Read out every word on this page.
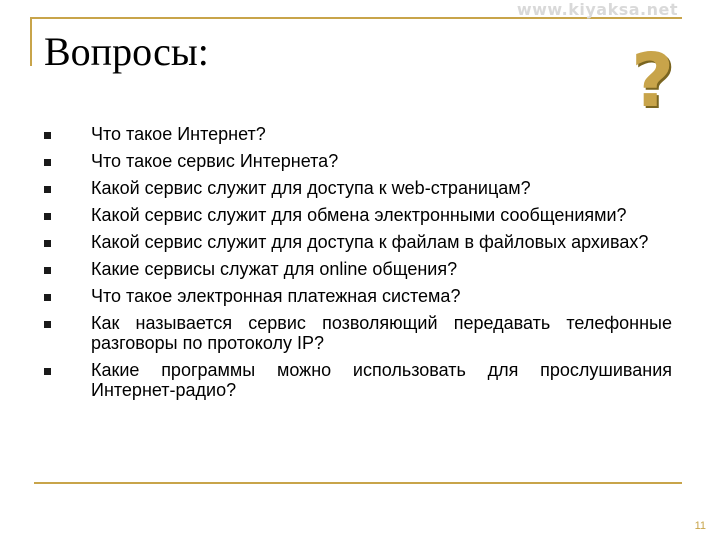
www.kiyaksa.net
Вопросы:	?
Что такое Интернет?
Что такое сервис Интернета?
Какой сервис служит для доступа к web-страницам?
Какой сервис служит для обмена электронными сообщениями?
Какой сервис служит для доступа к файлам в файловых архивах?
Какие сервисы служат для online общения?
Что такое электронная платежная система?
Как называется сервис позволяющий передавать телефонные разговоры по протоколу IP?
Какие программы можно использовать для прослушивания Интернет-радио?
11
